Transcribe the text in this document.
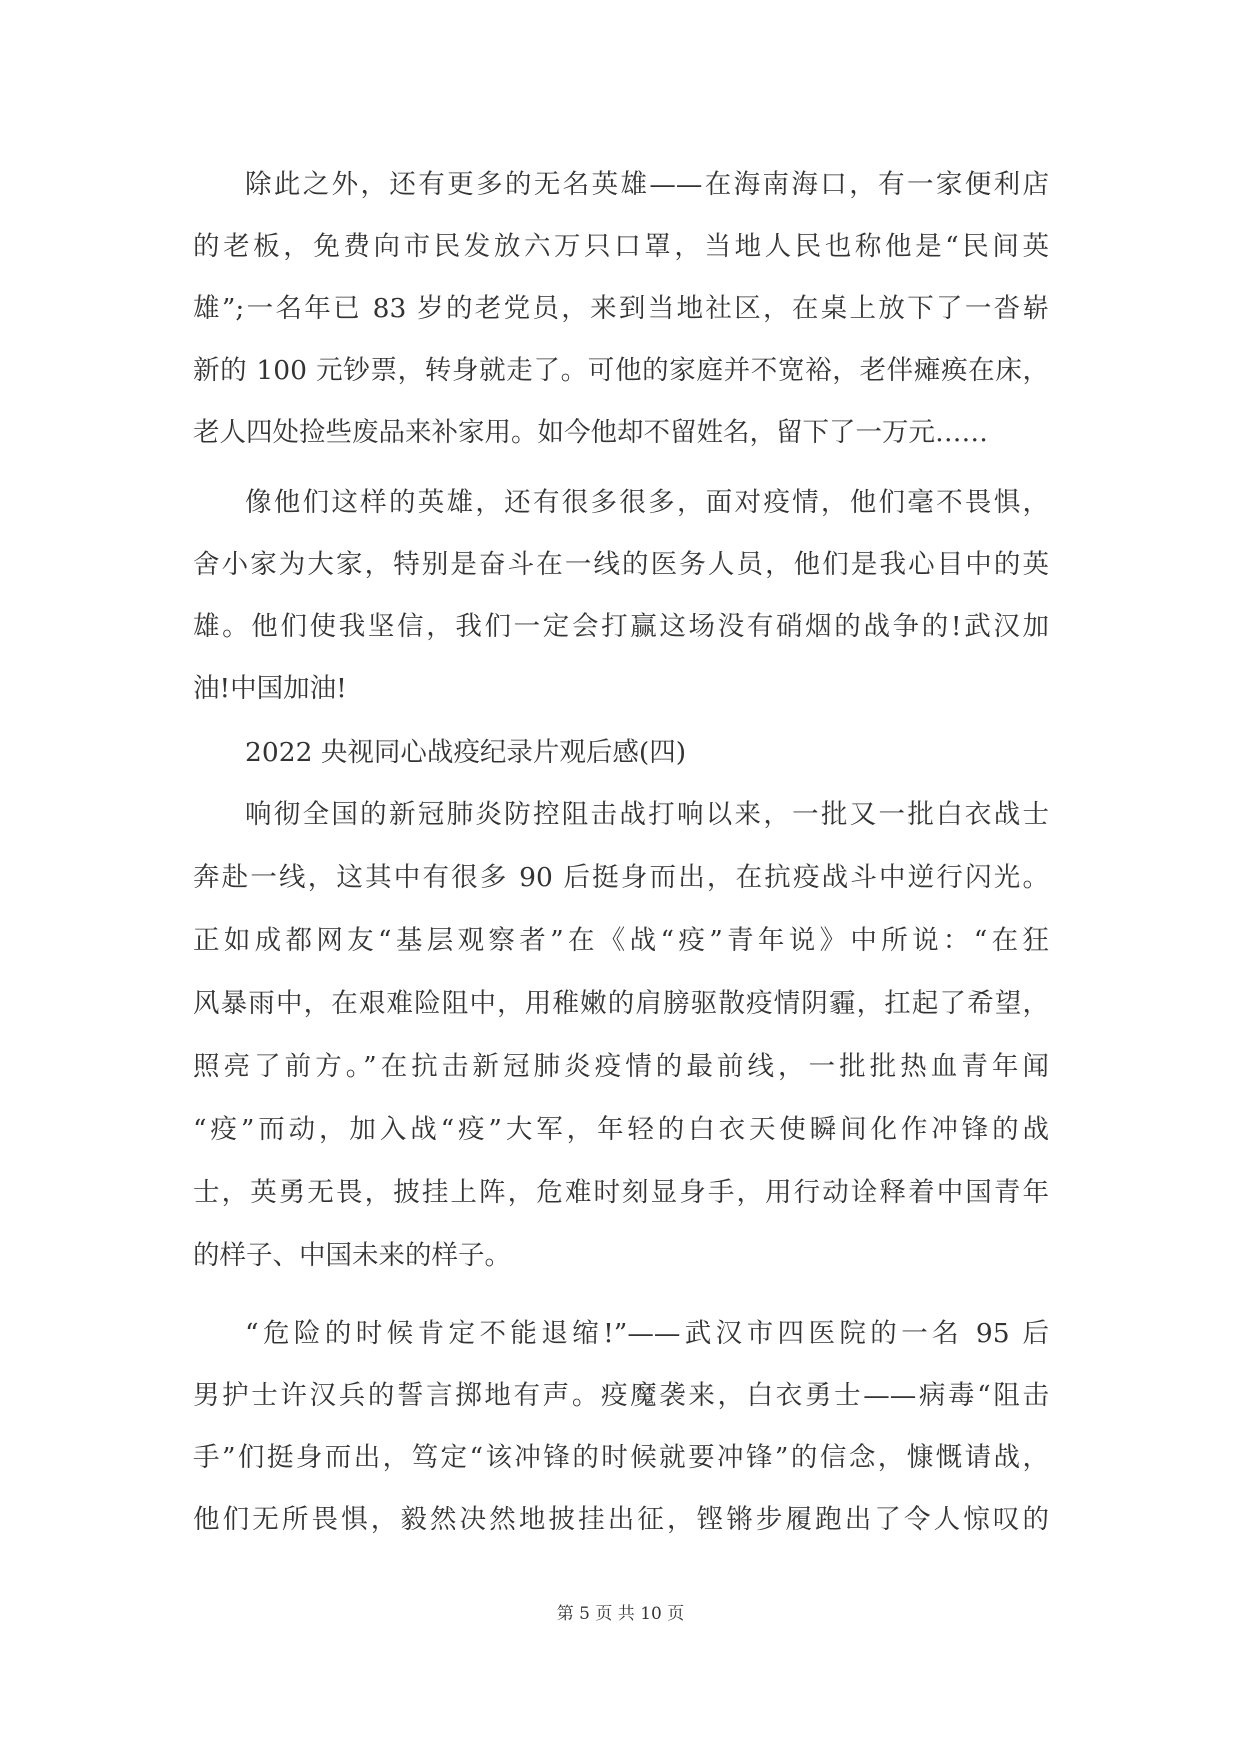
除此之外，还有更多的无名英雄——在海南海口，有一家便利店
的老板，免费向市民发放六万只口罩，当地人民也称他是“民间英
雄”;一名年已 83 岁的老党员，来到当地社区，在桌上放下了一沓崭
新的 100 元钞票，转身就走了。可他的家庭并不宽裕，老伴瘫痪在床，
老人四处捡些废品来补家用。如今他却不留姓名，留下了一万元……
像他们这样的英雄，还有很多很多，面对疫情，他们毫不畏惧，
舍小家为大家，特别是奋斗在一线的医务人员，他们是我心目中的英
雄。他们使我坚信，我们一定会打赢这场没有硝烟的战争的!武汉加
油!中国加油!
2022 央视同心战疫纪录片观后感(四)
响彻全国的新冠肺炎防控阻击战打响以来，一批又一批白衣战士
奔赴一线，这其中有很多 90 后挺身而出，在抗疫战斗中逆行闪光。
正如成都网友“基层观察者”在《战“疫”青年说》中所说：“在狂
风暴雨中，在艰难险阻中，用稚嫩的肩膀驱散疫情阴霾，扛起了希望，
照亮了前方。”在抗击新冠肺炎疫情的最前线，一批批热血青年闻
“疫”而动，加入战“疫”大军，年轻的白衣天使瞬间化作冲锋的战
士，英勇无畏，披挂上阵，危难时刻显身手，用行动诠释着中国青年
的样子、中国未来的样子。
“危险的时候肯定不能退缩!”——武汉市四医院的一名 95 后
男护士许汉兵的誓言掷地有声。疫魔袭来，白衣勇士——病毒“阻击
手”们挺身而出，笃定“该冲锋的时候就要冲锋”的信念，慷慨请战，
他们无所畏惧，毅然决然地披挂出征，铿锵步履跑出了令人惊叹的
第 5 页 共 10 页
